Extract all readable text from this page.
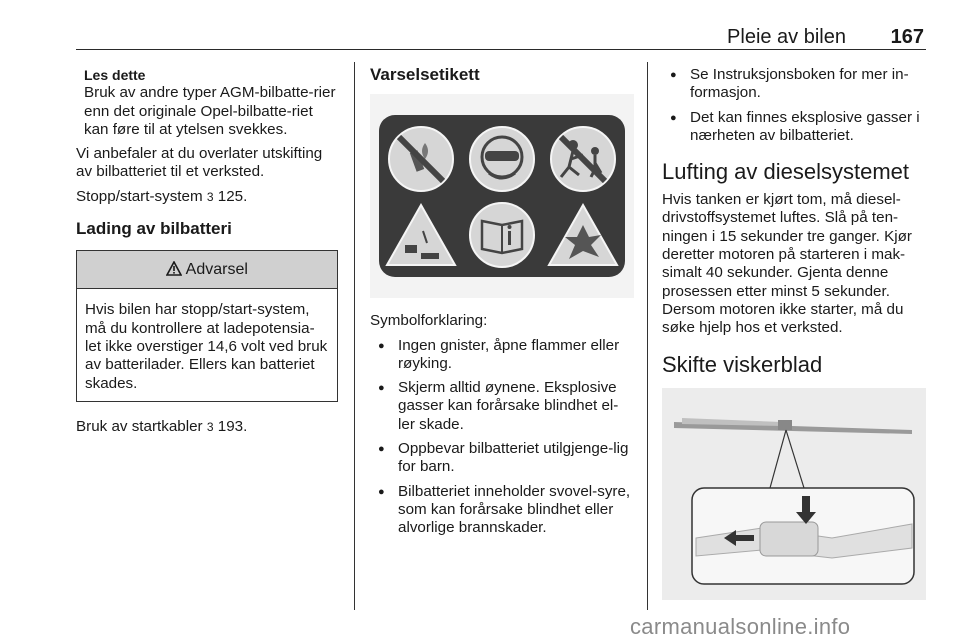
Pleie av bilen 167
Les dette
Bruk av andre typer AGM-bilbatte-rier enn det originale Opel-bilbatte-riet kan føre til at ytelsen svekkes.
Vi anbefaler at du overlater utskifting av bilbatteriet til et verksted.
Stopp/start-system 3 125.
Lading av bilbatteri
Advarsel
Hvis bilen har stopp/start-system, må du kontrollere at ladepotensia-let ikke overstiger 14,6 volt ved bruk av batterilader. Ellers kan batteriet skades.
Bruk av startkabler 3 193.
Varselsetikett
Symbolforklaring:
● Ingen gnister, åpne flammer eller røyking.
● Skjerm alltid øynene. Eksplosive gasser kan forårsake blindhet el-ler skade.
● Oppbevar bilbatteriet utilgjenge-lig for barn.
● Bilbatteriet inneholder svovel-syre, som kan forårsake blindhet eller alvorlige brannskader.
● Se Instruksjonsboken for mer in-formasjon.
● Det kan finnes eksplosive gasser i nærheten av bilbatteriet.
Lufting av dieselsystemet
Hvis tanken er kjørt tom, må diesel-drivstoffsystemet luftes. Slå på ten-ningen i 15 sekunder tre ganger. Kjør deretter motoren på starteren i mak-simalt 40 sekunder. Gjenta denne prosessen etter minst 5 sekunder. Dersom motoren ikke starter, må du søke hjelp hos et verksted.
Skifte viskerblad
carmanualsonline.info
